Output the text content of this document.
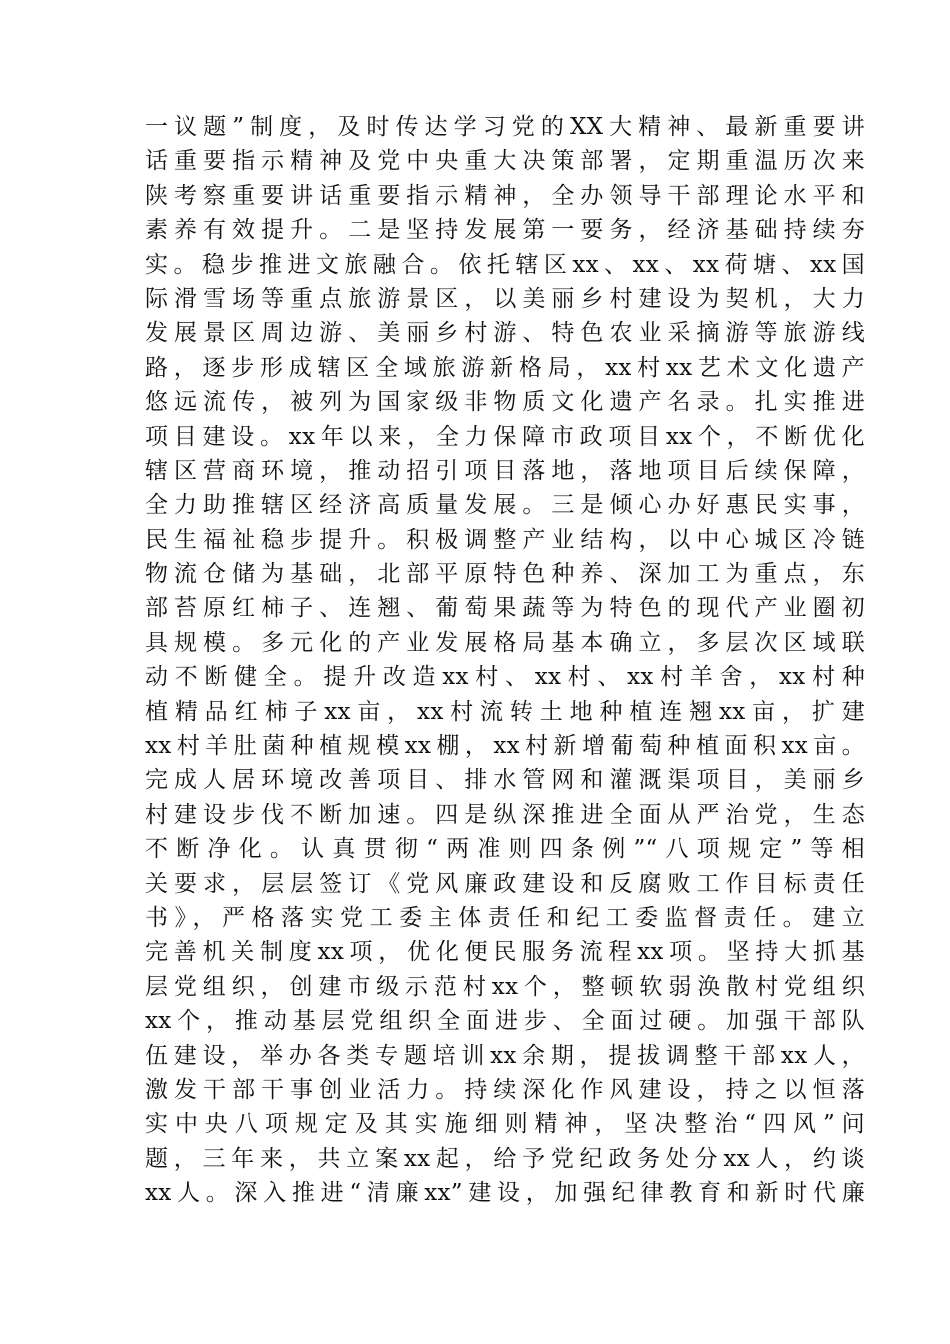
一议题”制度，及时传达学习党的XX大精神、最新重要讲
话重要指示精神及党中央重大决策部署，定期重温历次来
陕考察重要讲话重要指示精神，全办领导干部理论水平和
素养有效提升。二是坚持发展第一要务，经济基础持续夯
实。稳步推进文旅融合。依托辖区xx、xx、xx荷塘、xx国
际滑雪场等重点旅游景区，以美丽乡村建设为契机，大力
发展景区周边游、美丽乡村游、特色农业采摘游等旅游线
路，逐步形成辖区全域旅游新格局，xx村xx艺术文化遗产
悠远流传，被列为国家级非物质文化遗产名录。扎实推进
项目建设。xx年以来，全力保障市政项目xx个，不断优化
辖区营商环境，推动招引项目落地，落地项目后续保障，
全力助推辖区经济高质量发展。三是倾心办好惠民实事，
民生福祉稳步提升。积极调整产业结构，以中心城区冷链
物流仓储为基础，北部平原特色种养、深加工为重点，东
部苔原红柿子、连翘、葡萄果蔬等为特色的现代产业圈初
具规模。多元化的产业发展格局基本确立，多层次区域联
动不断健全。提升改造xx村、xx村、xx村羊舍，xx村种
植精品红柿子xx亩，xx村流转土地种植连翘xx亩，扩建
xx村羊肚菌种植规模xx棚，xx村新增葡萄种植面积xx亩。
完成人居环境改善项目、排水管网和灌溉渠项目，美丽乡
村建设步伐不断加速。四是纵深推进全面从严治党，生态
不断净化。认真贯彻“两准则四条例”“八项规定”等相
关要求，层层签订《党风廉政建设和反腐败工作目标责任
书》，严格落实党工委主体责任和纪工委监督责任。建立
完善机关制度xx项，优化便民服务流程xx项。坚持大抓基
层党组织，创建市级示范村xx个，整顿软弱涣散村党组织
xx个，推动基层党组织全面进步、全面过硬。加强干部队
伍建设，举办各类专题培训xx余期，提拔调整干部xx人，
激发干部干事创业活力。持续深化作风建设，持之以恒落
实中央八项规定及其实施细则精神，坚决整治“四风”问
题，三年来，共立案xx起，给予党纪政务处分xx人，约谈
xx人。深入推进“清廉xx”建设，加强纪律教育和新时代廉
